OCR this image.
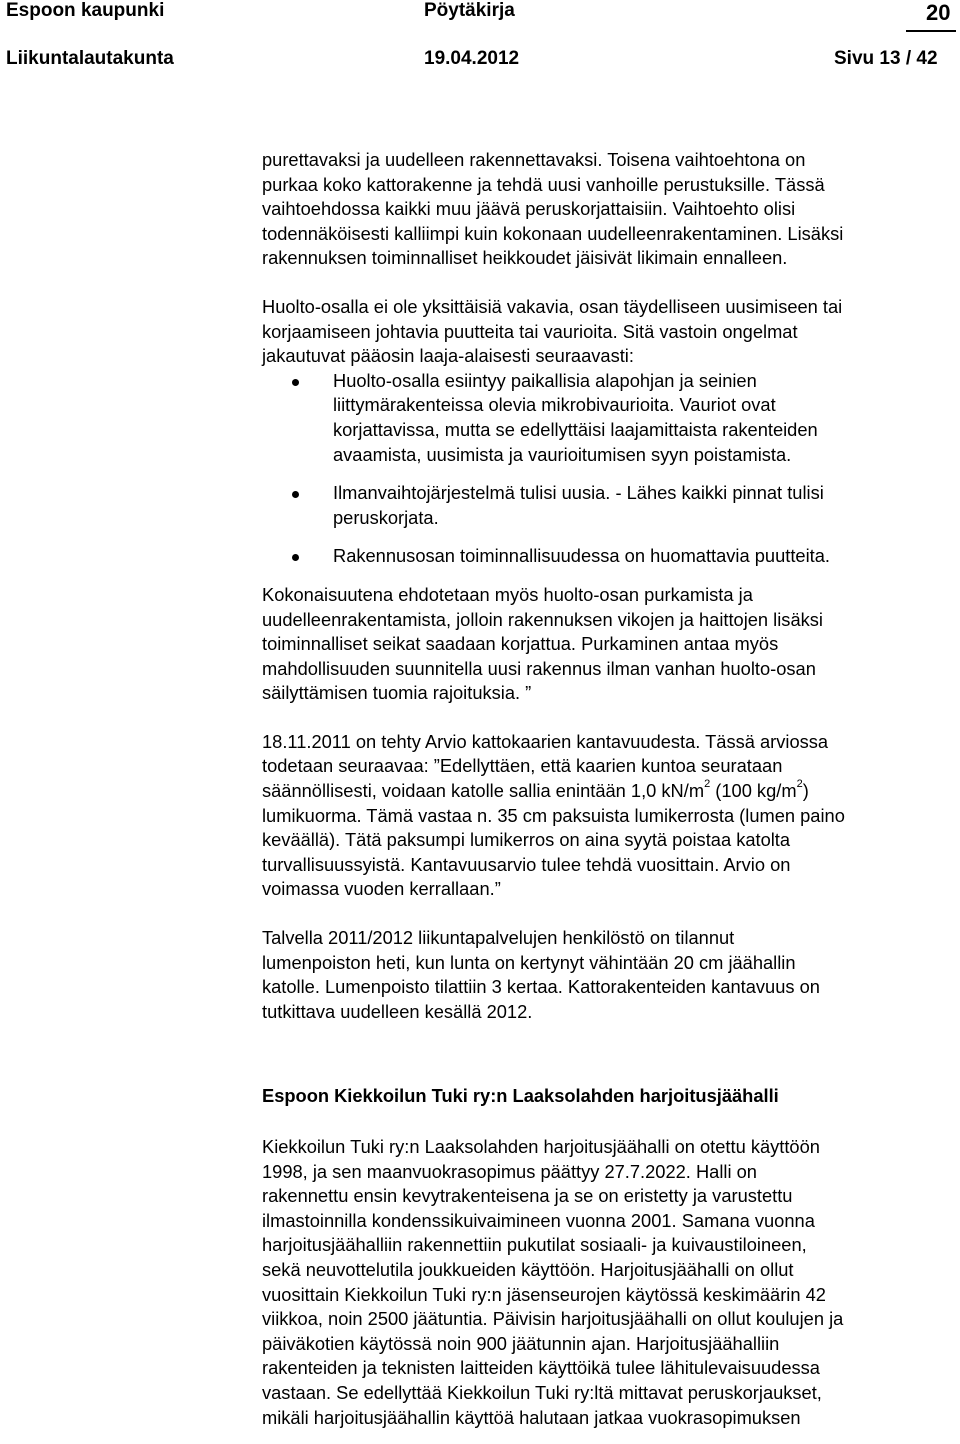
Espoon kaupunki	Pöytäkirja	20
Liikuntalautakunta	19.04.2012	Sivu 13 / 42

purettavaksi ja uudelleen rakennettavaksi. Toisena vaihtoehtona on
purkaa koko kattorakenne ja tehdä uusi vanhoille perustuksille. Tässä
vaihtoehdossa kaikki muu jäävä peruskorjattaisiin. Vaihtoehto olisi
todennäköisesti kalliimpi kuin kokonaan uudelleenrakentaminen. Lisäksi
rakennuksen toiminnalliset heikkoudet jäisivät likimain ennalleen.

Huolto-osalla ei ole yksittäisiä vakavia, osan täydelliseen uusimiseen tai
korjaamiseen johtavia puutteita tai vaurioita. Sitä vastoin ongelmat
jakautuvat pääosin laaja-alaisesti seuraavasti:

Huolto-osalla esiintyy paikallisia alapohjan ja seinien
liittymärakenteissa olevia mikrobivaurioita. Vauriot ovat
korjattavissa, mutta se edellyttäisi laajamittaista rakenteiden
avaamista, uusimista ja vaurioitumisen syyn poistamista.
Ilmanvaihtojärjestelmä tulisi uusia. - Lähes kaikki pinnat tulisi
peruskorjata.
Rakennusosan toiminnallisuudessa on huomattavia puutteita.

Kokonaisuutena ehdotetaan myös huolto-osan purkamista ja
uudelleenrakentamista, jolloin rakennuksen vikojen ja haittojen lisäksi
toiminnalliset seikat saadaan korjattua. Purkaminen antaa myös
mahdollisuuden suunnitella uusi rakennus ilman vanhan huolto-osan
säilyttämisen tuomia rajoituksia. ”

18.11.2011 on tehty Arvio kattokaarien kantavuudesta. Tässä arviossa
todetaan seuraavaa: ”Edellyttäen, että kaarien kuntoa seurataan
säännöllisesti, voidaan katolle sallia enintään 1,0 $kN/m^2$ (100 $kg/m^2$)
lumikuorma. Tämä vastaa n. 35 cm paksuista lumikerrosta (lumen paino
keväällä). Tätä paksumpi lumikerros on aina syytä poistaa katolta
turvallisuussyistä. Kantavuusarvio tulee tehdä vuosittain. Arvio on
voimassa vuoden kerrallaan.”

Talvella 2011/2012 liikuntapalvelujen henkilöstö on tilannut
lumenpoiston heti, kun lunta on kertynyt vähintään 20 cm jäähallin
katolle. Lumenpoisto tilattiin 3 kertaa. Kattorakenteiden kantavuus on
tutkittava uudelleen kesällä 2012.

Espoon Kiekkoilun Tuki ry:n Laaksolahden harjoitusjäähalli

Kiekkoilun Tuki ry:n Laaksolahden harjoitusjäähalli on otettu käyttöön
1998, ja sen maanvuokrasopimus päättyy 27.7.2022. Halli on
rakennettu ensin kevytrakenteisena ja se on eristetty ja varustettu
ilmastoinnilla kondenssikuivaimineen vuonna 2001. Samana vuonna
harjoitusjäähalliin rakennettiin pukutilat sosiaali- ja kuivaustiloineen,
sekä neuvottelutila joukkueiden käyttöön. Harjoitusjäähalli on ollut
vuosittain Kiekkoilun Tuki ry:n jäsenseurojen käytössä keskimäärin 42
viikkoa, noin 2500 jäätuntia. Päivisin harjoitusjäähalli on ollut koulujen ja
päiväkotien käytössä noin 900 jäätunnin ajan. Harjoitusjäähalliin
rakenteiden ja teknisten laitteiden käyttöikä tulee lähitulevaisuudessa
vastaan. Se edellyttää Kiekkoilun Tuki ry:ltä mittavat peruskorjaukset,
mikäli harjoitusjäähallin käyttöä halutaan jatkaa vuokrasopimuksen
